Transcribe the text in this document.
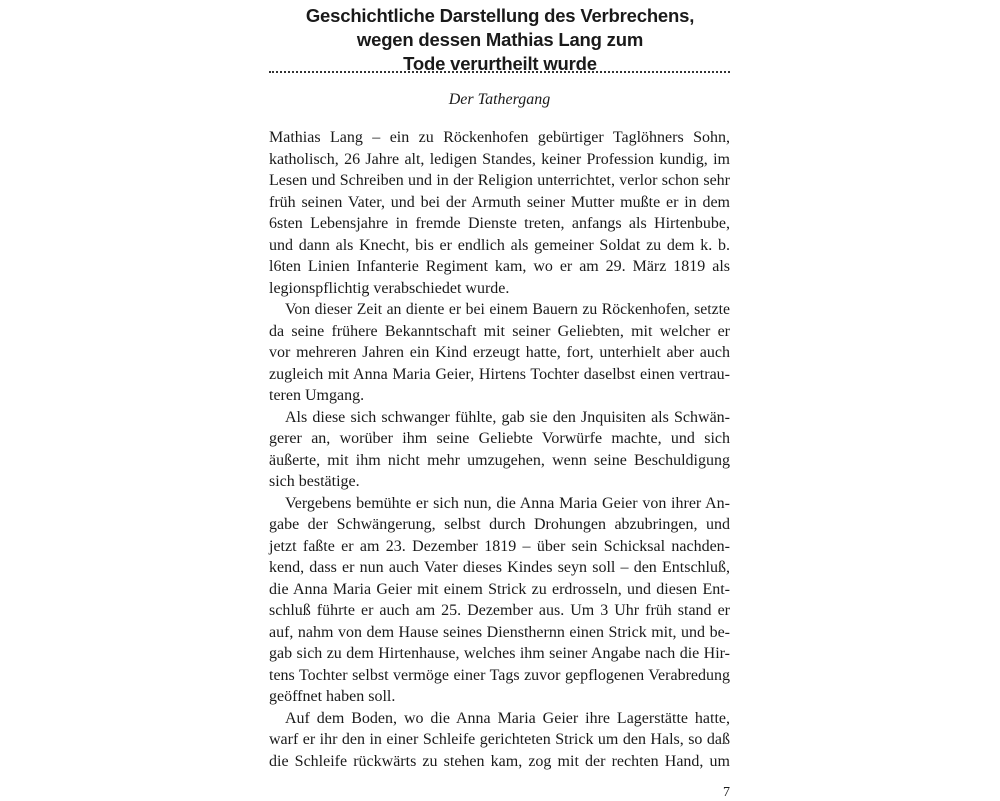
Geschichtliche Darstellung des Verbrechens,
wegen dessen Mathias Lang zum
Tode verurtheilt wurde
Der Tathergang
Mathias Lang – ein zu Röckenhofen gebürtiger Taglöhners Sohn,
katholisch, 26 Jahre alt, ledigen Standes, keiner Profession kundig, im
Lesen und Schreiben und in der Religion unterrichtet, verlor schon sehr
früh seinen Vater, und bei der Armuth seiner Mutter mußte er in dem
6sten Lebensjahre in fremde Dienste treten, anfangs als Hirtenbube,
und dann als Knecht, bis er endlich als gemeiner Soldat zu dem k. b.
l6ten Linien Infanterie Regiment kam, wo er am 29. März 1819 als
legionspflichtig verabschiedet wurde.
Von dieser Zeit an diente er bei einem Bauern zu Röckenhofen, setzte
da seine frühere Bekanntschaft mit seiner Geliebten, mit welcher er
vor mehreren Jahren ein Kind erzeugt hatte, fort, unterhielt aber auch
zugleich mit Anna Maria Geier, Hirtens Tochter daselbst einen vertrau-
teren Umgang.
Als diese sich schwanger fühlte, gab sie den Jnquisiten als Schwän-
gerer an, worüber ihm seine Geliebte Vorwürfe machte, und sich
äußerte, mit ihm nicht mehr umzugehen, wenn seine Beschuldigung
sich bestätige.
Vergebens bemühte er sich nun, die Anna Maria Geier von ihrer An-
gabe der Schwängerung, selbst durch Drohungen abzubringen, und
jetzt faßte er am 23. Dezember 1819 – über sein Schicksal nachden-
kend, dass er nun auch Vater dieses Kindes seyn soll – den Entschluß,
die Anna Maria Geier mit einem Strick zu erdrosseln, und diesen Ent-
schluß führte er auch am 25. Dezember aus. Um 3 Uhr früh stand er
auf, nahm von dem Hause seines Diensthernn einen Strick mit, und be-
gab sich zu dem Hirtenhause, welches ihm seiner Angabe nach die Hir-
tens Tochter selbst vermöge einer Tags zuvor gepflogenen Verabredung
geöffnet haben soll.
Auf dem Boden, wo die Anna Maria Geier ihre Lagerstätte hatte,
warf er ihr den in einer Schleife gerichteten Strick um den Hals, so daß
die Schleife rückwärts zu stehen kam, zog mit der rechten Hand, um
7
